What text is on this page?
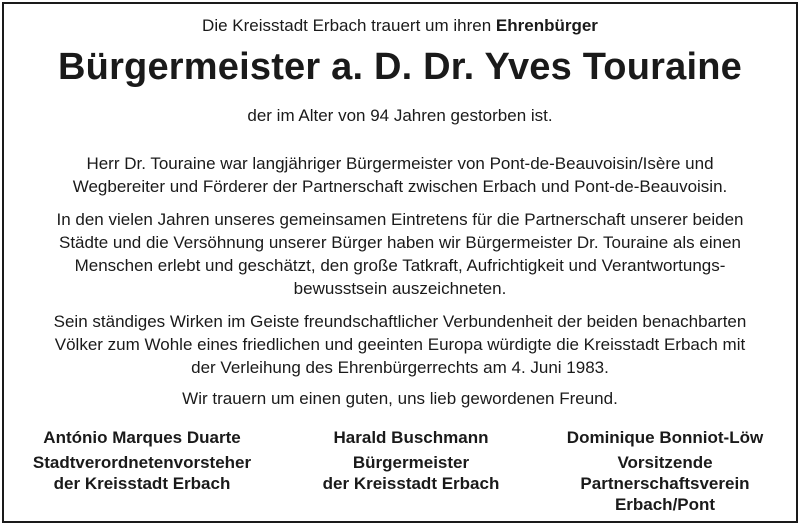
Die Kreisstadt Erbach trauert um ihren Ehrenbürger
Bürgermeister a. D. Dr. Yves Touraine
der im Alter von 94 Jahren gestorben ist.
Herr Dr. Touraine war langjähriger Bürgermeister von Pont-de-Beauvoisin/Isère und
Wegbereiter und Förderer der Partnerschaft zwischen Erbach und Pont-de-Beauvoisin.
In den vielen Jahren unseres gemeinsamen Eintretens für die Partnerschaft unserer beiden
Städte und die Versöhnung unserer Bürger haben wir Bürgermeister Dr. Touraine als einen
Menschen erlebt und geschätzt, den große Tatkraft, Aufrichtigkeit und Verantwortungs-
bewusstsein auszeichneten.
Sein ständiges Wirken im Geiste freundschaftlicher Verbundenheit der beiden benachbarten
Völker zum Wohle eines friedlichen und geeinten Europa würdigte die Kreisstadt Erbach mit
der Verleihung des Ehrenbürgerrechts am 4. Juni 1983.
Wir trauern um einen guten, uns lieb gewordenen Freund.
António Marques Duarte
Stadtverordnetenvorsteher
der Kreisstadt Erbach
Harald Buschmann
Bürgermeister
der Kreisstadt Erbach
Dominique Bonniot-Löw
Vorsitzende
Partnerschaftsverein
Erbach/Pont
